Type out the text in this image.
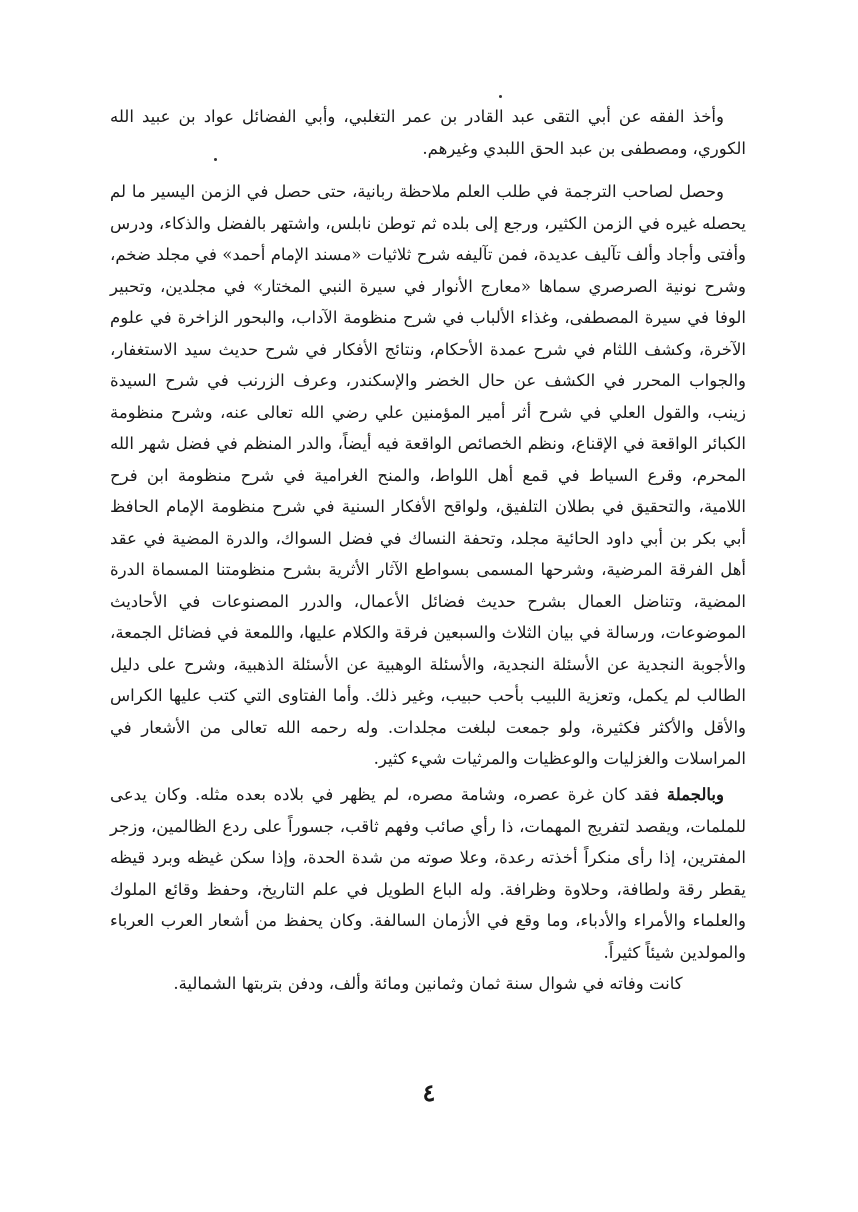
وأخذ الفقه عن أبي التقى عبد القادر بن عمر التغلبي، وأبي الفضائل عواد بن عبيد الله الكوري، ومصطفى بن عبد الحق اللبدي وغيرهم.

وحصل لصاحب الترجمة في طلب العلم ملاحظة ربانية، حتى حصل في الزمن اليسير ما لم يحصله غيره في الزمن الكثير، ورجع إلى بلده ثم توطن نابلس، واشتهر بالفضل والذكاء، ودرس وأفتى وأجاد وألف تآليف عديدة، فمن تآليفه شرح ثلاثيات «مسند الإمام أحمد» في مجلد ضخم، وشرح نونية الصرصري سماها «معارج الأنوار في سيرة النبي المختار» في مجلدين، وتحبير الوفا في سيرة المصطفى، وغذاء الألباب في شرح منظومة الآداب، والبحور الزاخرة في علوم الآخرة، وكشف اللثام في شرح عمدة الأحكام، ونتائج الأفكار في شرح حديث سيد الاستغفار، والجواب المحرر في الكشف عن حال الخضر والإسكندر، وعرف الزرنب في شرح السيدة زينب، والقول العلي في شرح أثر أمير المؤمنين علي رضي الله تعالى عنه، وشرح منظومة الكبائر الواقعة في الإقناع، ونظم الخصائص الواقعة فيه أيضاً، والدر المنظم في فضل شهر الله المحرم، وقرع السياط في قمع أهل اللواط، والمنح الغرامية في شرح منظومة ابن فرح اللامية، والتحقيق في بطلان التلفيق، ولواقح الأفكار السنية في شرح منظومة الإمام الحافظ أبي بكر بن أبي داود الحائية مجلد، وتحفة النساك في فضل السواك، والدرة المضية في عقد أهل الفرقة المرضية، وشرحها المسمى بسواطع الآثار الأثرية بشرح منظومتنا المسماة الدرة المضية، وتناضل العمال بشرح حديث فضائل الأعمال، والدرر المصنوعات في الأحاديث الموضوعات، ورسالة في بيان الثلاث والسبعين فرقة والكلام عليها، واللمعة في فضائل الجمعة، والأجوبة النجدية عن الأسئلة النجدية، والأسئلة الوهبية عن الأسئلة الذهبية، وشرح على دليل الطالب لم يكمل، وتعزية اللبيب بأحب حبيب، وغير ذلك. وأما الفتاوى التي كتب عليها الكراس والأقل والأكثر فكثيرة، ولو جمعت لبلغت مجلدات. وله رحمه الله تعالى من الأشعار في المراسلات والغزليات والوعظيات والمرثيات شيء كثير.

وبالجملة فقد كان غرة عصره، وشامة مصره، لم يظهر في بلاده بعده مثله. وكان يدعى للملمات، ويقصد لتفريج المهمات، ذا رأي صائب وفهم ثاقب، جسوراً على ردع الظالمين، وزجر المفترين، إذا رأى منكراً أخذته رعدة، وعلا صوته من شدة الحدة، وإذا سكن غيظه وبرد قيظه يقطر رقة ولطافة، وحلاوة وظرافة. وله الباع الطويل في علم التاريخ، وحفظ وقائع الملوك والعلماء والأمراء والأدباء، وما وقع في الأزمان السالفة. وكان يحفظ من أشعار العرب العرباء والمولدين شيئاً كثيراً.

كانت وفاته في شوال سنة ثمان وثمانين ومائة وألف، ودفن بتربتها الشمالية.

٤
